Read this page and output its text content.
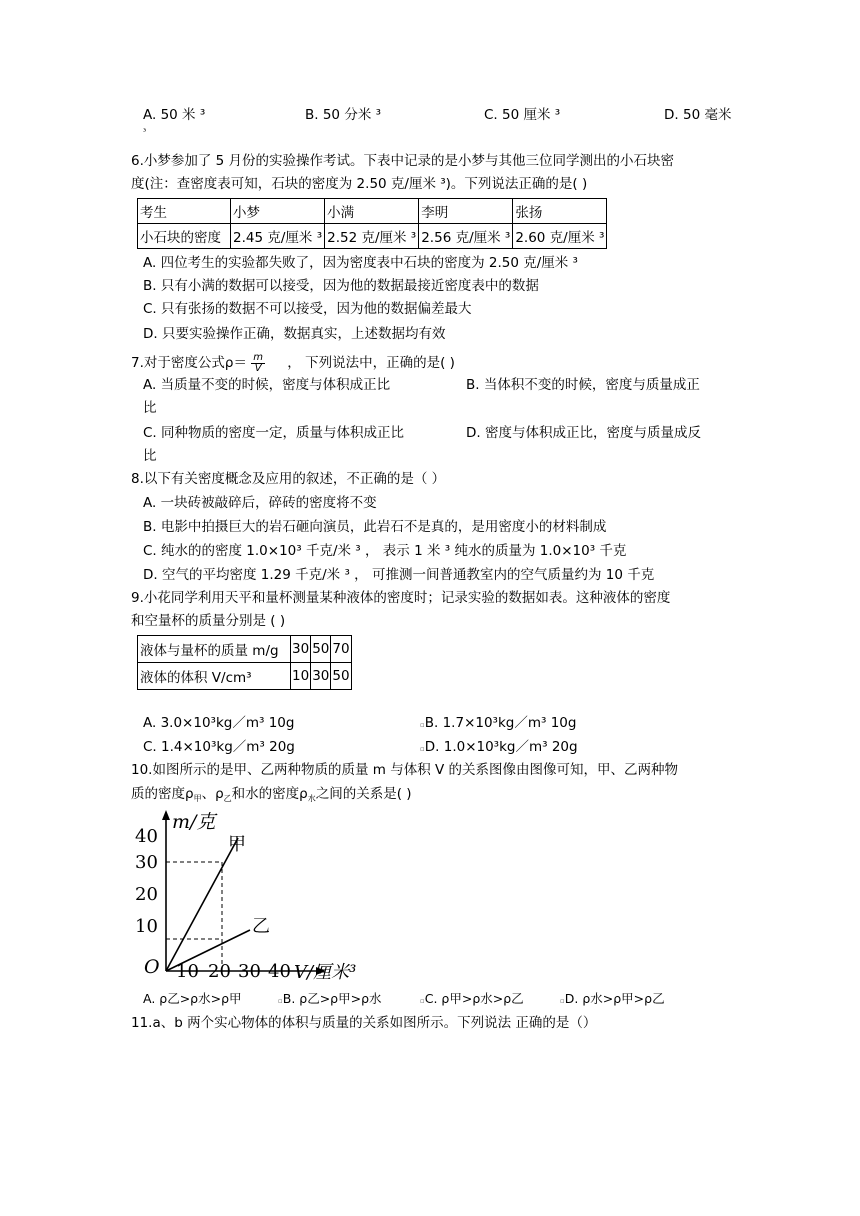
A. 50 米 ³	B. 50 分米 ³	C. 50 厘米 ³	D. 50 毫米
³
6.小梦参加了 5 月份的实验操作考试。下表中记录的是小梦与其他三位同学测出的小石块密
度(注：查密度表可知，石块的密度为 2.50 克/厘米 ³)。下列说法正确的是( )
考生	小梦	小满	李明	张扬
小石块的密度	2.45 克/厘米 ³	2.52 克/厘米 ³	2.56 克/厘米 ³	2.60 克/厘米 ³
A. 四位考生的实验都失败了，因为密度表中石块的密度为 2.50 克/厘米 ³
B. 只有小满的数据可以接受，因为他的数据最接近密度表中的数据
C. 只有张扬的数据不可以接受，因为他的数据偏差最大
D. 只要实验操作正确，数据真实，上述数据均有效
7.对于密度公式$\rho= \frac{m}{V}$ ， 下列说法中，正确的是( )
A. 当质量不变的时候，密度与体积成正比	B. 当体积不变的时候，密度与质量成正
比
C. 同种物质的密度一定，质量与体积成正比	D. 密度与体积成正比，密度与质量成反
比
8.以下有关密度概念及应用的叙述，不正确的是（ ）
A. 一块砖被敲碎后，碎砖的密度将不变
B. 电影中拍摄巨大的岩石砸向演员，此岩石不是真的，是用密度小的材料制成
C. 纯水的的密度 1.0×10³ 千克/米 ³ ， 表示 1 米 ³ 纯水的质量为 1.0×10³ 千克
D. 空气的平均密度 1.29 千克/米 ³ ， 可推测一间普通教室内的空气质量约为 10 千克
9.小花同学利用天平和量杯测量某种液体的密度时；记录实验的数据如表。这种液体的密度
和空量杯的质量分别是 ( )
液体与量杯的质量 m/g	30	50	70
液体的体积 V/cm³	10	30	50
A. 3.0×10³kg／m³ 10g	▫B. 1.7×10³kg／m³ 10g
C. 1.4×10³kg／m³ 20g	▫D. 1.0×10³kg／m³ 20g
10.如图所示的是甲、乙两种物质的质量 m 与体积 V 的关系图像由图像可知，甲、乙两种物
质的密度$\rho_甲$、$\rho_乙$和水的密度$\rho_水$之间的关系是( )
m/克
甲
乙
40
30
20
10
O 10 20 30 40 V/厘米³
A. ρ乙>ρ水>ρ甲	▫B. ρ乙>ρ甲>ρ水	▫C. ρ甲>ρ水>ρ乙	▫D. ρ水>ρ甲>ρ乙
11.a、b 两个实心物体的体积与质量的关系如图所示。下列说法 正确的是（）
